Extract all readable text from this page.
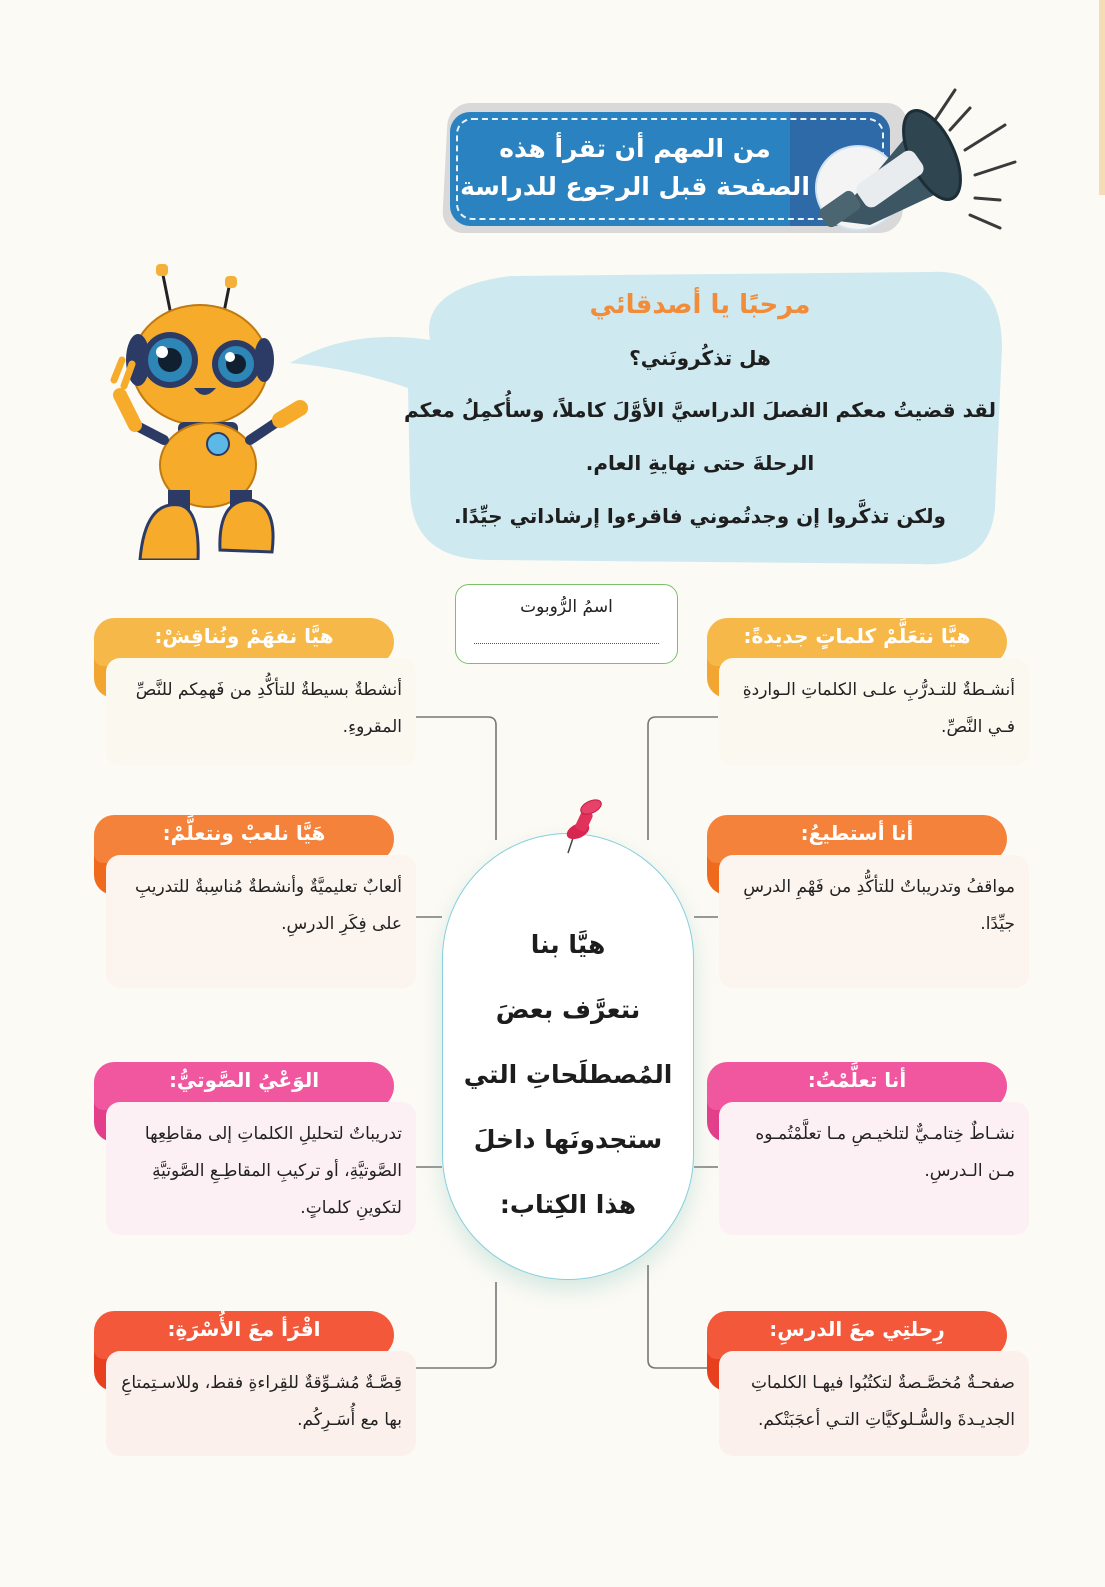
من المهم أن تقرأ هذه
الصفحة قبل الرجوع للدراسة
مرحبًا يا أصدقائي
هل تذكُرونَني؟
لقد قضيتُ معكم الفصلَ الدراسيَّ الأوَّلَ كاملاً، وسأُكمِلُ معكم
الرحلةَ حتى نهايةِ العام.
ولكن تذكَّروا إن وجدتُموني فاقرءوا إرشاداتي جيِّدًا.
اسمُ الرُّوبوت
هيَّا نفهَمْ ونُناقِشْ:
أنشطةٌ بسيطةٌ للتأكُّدِ من فَهمِكم للنَّصِّ المقروءِ.
هَيَّا نلعبْ ونتعلَّمْ:
ألعابٌ تعليميَّةٌ وأنشطةٌ مُناسِبةٌ للتدريبِ على فِكَرِ الدرسِ.
الوَعْيُ الصَّوتيُّ:
تدريباتٌ لتحليلِ الكلماتِ إلى مقاطِعِها الصَّوتيَّةِ، أو تركيبِ المقاطِـعِ الصَّوتيَّةِ لتكوينِ كلماتٍ.
اقْرَأ معَ الأُسْرَةِ:
قِصَّـةٌ مُشـوِّقةٌ للقِراءةِ فقط، وللاسـتِمتاعِ بها مع أُسَـرِكُم.
هيَّا نتعَلَّمْ كلماتٍ جديدةً:
أنشـطةٌ للتـدرُّبِ علـى الكلماتِ الـواردةِ فـي النَّصِّ.
أنا أستطيعُ:
مواقفُ وتدريباتٌ للتأكُّدِ من فَهْمِ الدرسِ جيِّدًا.
أنا تعلَّمْتُ:
نشـاطٌ خِتامـيٌّ لتلخيـصِ مـا تعلَّمْتُمـوه مـن الـدرسِ.
رِحلتِي معَ الدرسِ:
صفحـةٌ مُخصَّـصةٌ لتكتُبُوا فيهـا الكلماتِ الجديـدةَ والسُّـلوكيَّاتِ التـي أعجَبَتْكم.
هيَّا بنا
نتعرَّف بعضَ
المُصطلَحاتِ التي
ستجدونَها داخلَ
هذا الكِتاب:
